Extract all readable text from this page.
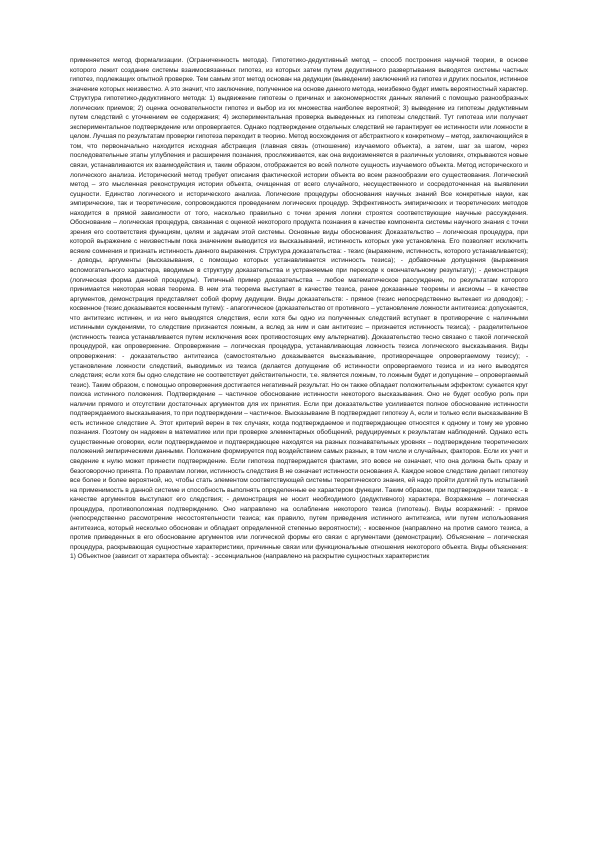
применяется метод формализации. (Ограниченность метода). Гипотетико-дедуктивный метод – способ построения научной теории, в основе которого лежит создание системы взаимосвязанных гипотез, из которых затем путем дедуктивного развертывания выводятся системы частных гипотез, подлежащих опытной проверке. Тем самым этот метод основан на дедукции (выведении) заключений из гипотез и других посылок, истинное значение которых неизвестно. А это значит, что заключение, полученное на основе данного метода, неизбежно будет иметь вероятностный характер. Структура гипотетико-дедуктивного метода: 1) выдвижение гипотезы о причинах и закономерностях данных явлений с помощью разнообразных логических приемов; 2) оценка основательности гипотез и выбор из их множества наиболее вероятной; 3) выведение из гипотезы дедуктивным путем следствий с уточнением ее содержания; 4) экспериментальная проверка выведенных из гипотезы следствий. Тут гипотеза или получает экспериментальное подтверждение или опровергается. Однако подтверждение отдельных следствий не гарантирует ее истинности или ложности в целом. Лучшая по результатам проверки гипотеза переходит в теорию. Метод восхождения от абстрактного к конкретному – метод, заключающийся в том, что первоначально находится исходная абстракция (главная связь (отношение) изучаемого объекта), а затем, шаг за шагом, через последовательные этапы углубления и расширения познания, прослеживается, как она видоизменяется в различных условиях, открываются новые связи, устанавливаются их взаимодействия и, таким образом, отображается во всей полноте сущность изучаемого объекта. Метод исторического и логического анализа. Исторический метод требует описания фактической истории объекта во всем разнообразии его существования. Логический метод – это мысленная реконструкция истории объекта, очищенная от всего случайного, несущественного и сосредоточенная на выявлении сущности. Единство логического и исторического анализа. Логические процедуры обоснования научных знаний Все конкретные науки, как эмпирические, так и теоретические, сопровождаются проведением логических процедур. Эффективность эмпирических и теоретических методов находится в прямой зависимости от того, насколько правильно с точки зрения логики строятся соответствующие научные рассуждения. Обоснование – логическая процедура, связанная с оценкой некоторого продукта познания в качестве компонента системы научного знания с точки зрения его соответствия функциям, целям и задачам этой системы. Основные виды обоснования: Доказательство – логическая процедура, при которой выражение с неизвестным пока значением выводится из высказываний, истинность которых уже установлена. Его позволяет исключить всякие сомнения и признать истинность данного выражения. Структура доказательства: - тезис (выражение, истинность, которого устанавливается); - доводы, аргументы (высказывания, с помощью которых устанавливается истинность тезиса); - добавочные допущения (выражения вспомогательного характера, вводимые в структуру доказательства и устраняемые при переходе к окончательному результату); - демонстрация (логическая форма данной процедуры). Типичный пример доказательства – любое математическое рассуждение, по результатам которого принимается некоторая новая теорема. В нем эта теорема выступает в качестве тезиса, ранее доказанные теоремы и аксиомы – в качестве аргументов, демонстрация представляет собой форму дедукции. Виды доказательств: - прямое (тезис непосредственно вытекает из доводов); - косвенное (тезис доказывается косвенным путем): - апагогическое (доказательство от противного – установление ложности антитезиса: допускается, что антитезис истинен, и из него выводятся следствия, если хотя бы одно из полученных следствий вступает в противоречие с наличными истинными суждениями, то следствие признается ложным, а вслед за ним и сам антитезис – признается истинность тезиса); - разделительное (истинность тезиса устанавливается путем исключения всех противостоящих ему альтернатив). Доказательство тесно связано с такой логической процедурой, как опровержение. Опровержение – логическая процедура, устанавливающая ложность тезиса логического высказывания. Виды опровержения: - доказательство антитезиса (самостоятельно доказывается высказывание, противоречащее опровергаемому тезису); - установление ложности следствий, выводимых из тезиса (делается допущение об истинности опровергаемого тезиса и из него выводятся следствия; если хотя бы одно следствие не соответствует действительности, т.е. является ложным, то ложным будет и допущение – опровергаемый тезис). Таким образом, с помощью опровержения достигается негативный результат. Но он также обладает положительным эффектом: сужается круг поиска истинного положения. Подтверждение – частичное обоснование истинности некоторого высказывания. Оно не будет особую роль при наличии прямого и отсутствии достаточных аргументов для их принятия. Если при доказательстве усиливается полное обоснование истинности подтверждаемого высказывания, то при подтверждении – частичное. Высказывание В подтверждает гипотезу А, если и только если высказывание В есть истинное следствие А. Этот критерий верен в тех случаях, когда подтверждаемое и подтверждающее относятся к одному и тому же уровню познания. Поэтому он надежен в математике или при проверке элементарных обобщений, редуцируемых к результатам наблюдений. Однако есть существенные оговорки, если подтверждаемое и подтверждающее находятся на разных познавательных уровнях – подтверждение теоретических положений эмпирическими данными. Положение формируется под воздействием самых разных, в том числе и случайных, факторов. Если их учет и сведение к нулю может принести подтверждение. Если гипотеза подтверждается фактами, это вовсе не означает, что она должна быть сразу и безоговорочно принята. По правилам логики, истинность следствия В не означает истинности основания А. Каждое новое следствие делает гипотезу все более и более вероятной, но, чтобы стать элементом соответствующей системы теоретического знания, ей надо пройти долгий путь испытаний на применимость в данной системе и способность выполнять определенные ее характером функции. Таким образом, при подтверждении тезиса: - в качестве аргументов выступают его следствия; - демонстрация не носит необходимого (дедуктивного) характера. Возражение – логическая процедура, противоположная подтверждению. Оно направлено на ослабление некоторого тезиса (гипотезы). Виды возражений: - прямое (непосредственно рассмотрение несостоятельности тезиса; как правило, путем приведения истинного антитезиса, или путем использования антитезиса, который несколько обоснован и обладает определенной степенью вероятности); - косвенное (направлено на против самого тезиса, а против приведенных в его обоснование аргументов или логической формы его связи с аргументами (демонстрации). Объяснение – логическая процедура, раскрывающая сущностные характеристики, причинные связи или функциональные отношения некоторого объекта. Виды объяснения: 1) Объектное (зависит от характера объекта): - эссенциальное (направлено на раскрытие сущностных характеристик
